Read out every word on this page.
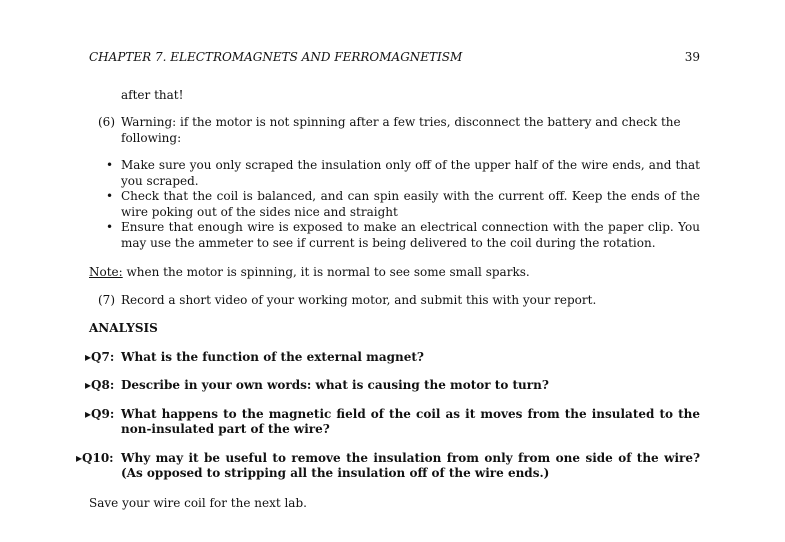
CHAPTER 7. ELECTROMAGNETS AND FERROMAGNETISM	39
after that!
(6) Warning: if the motor is not spinning after a few tries, disconnect the battery and check the following:
• Make sure you only scraped the insulation only off of the upper half of the wire ends, and that you scraped.
• Check that the coil is balanced, and can spin easily with the current off. Keep the ends of the wire poking out of the sides nice and straight
• Ensure that enough wire is exposed to make an electrical connection with the paper clip. You may use the ammeter to see if current is being delivered to the coil during the rotation.
Note: when the motor is spinning, it is normal to see some small sparks.
(7) Record a short video of your working motor, and submit this with your report.
ANALYSIS
▸Q7: What is the function of the external magnet?
▸Q8: Describe in your own words: what is causing the motor to turn?
▸Q9: What happens to the magnetic field of the coil as it moves from the insulated to the non-insulated part of the wire?
▸Q10: Why may it be useful to remove the insulation from only from one side of the wire? (As opposed to stripping all the insulation off of the wire ends.)
Save your wire coil for the next lab.
